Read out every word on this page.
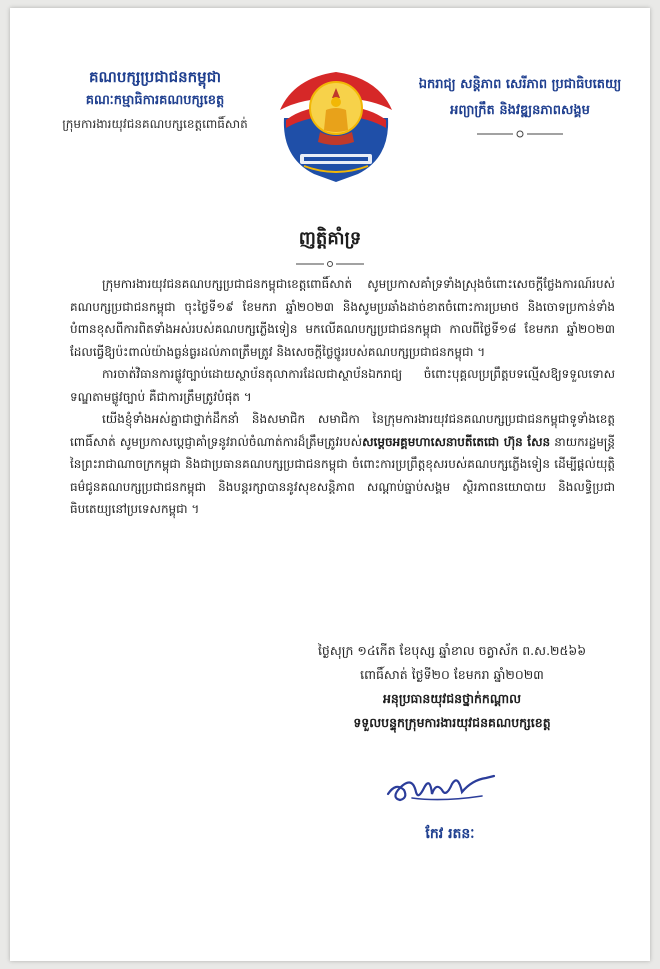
គណបក្សប្រជាជនកម្ពុជា
គណៈកម្មាធិការគណបក្សខេត្ត
ក្រុមការងារយុវជនគណបក្សខេត្តពោធិ៍សាត់
ឯករាជ្យ សន្តិភាព សេរីភាព ប្រជាធិបតេយ្យ
អព្យាក្រឹត និងវឌ្ឍនភាពសង្គម
ញត្តិគាំទ្រ

ក្រុមការងារយុវជនគណបក្សប្រជាជនកម្ពុជាខេត្តពោធិ៍សាត់ សូមប្រកាសគាំទ្រទាំងស្រុងចំពោះសេចក្តីថ្លែងការណ៍របស់គណបក្សប្រជាជនកម្ពុជា ចុះថ្ងៃទី១៩ ខែមករា ឆ្នាំ២០២៣ និងសូមប្រឆាំងដាច់ខាតចំពោះការប្រមាថ និងចោទប្រកាន់ទាំងបំពានខុសពីការពិតទាំងអស់របស់គណបក្សភ្លើងទៀន មកលើគណបក្សប្រជាជនកម្ពុជា កាលពីថ្ងៃទី១៨ ខែមករា ឆ្នាំ២០២៣ ដែលធ្វើឱ្យប៉ះពាល់យ៉ាងធ្ងន់ធ្ងរដល់ភាពត្រឹមត្រូវ និងសេចក្តីថ្លៃថ្នូររបស់គណបក្សប្រជាជនកម្ពុជា ។

ការចាត់វិធានការផ្លូវច្បាប់ដោយស្ថាប័នតុលាការដែលជាស្ថាប័នឯករាជ្យ ចំពោះបុគ្គលប្រព្រឹត្តបទល្មើសឱ្យទទួលទោសទណ្ឌតាមផ្លូវច្បាប់ គឺជាការត្រឹមត្រូវបំផុត ។

យើងខ្ញុំទាំងអស់គ្នាជាថ្នាក់ដឹកនាំ និងសមាជិក សមាជិកា នៃក្រុមការងារយុវជនគណបក្សប្រជាជនកម្ពុជាទូទាំងខេត្តពោធិ៍សាត់ សូមប្រកាសប្តេជ្ញាគាំទ្រនូវរាល់ចំណាត់ការដ៏ត្រឹមត្រូវរបស់សម្តេចអគ្គមហាសេនាបតីតេជោ ហ៊ុន សែន នាយករដ្ឋមន្ត្រីនៃព្រះរាជាណាចក្រកម្ពុជា និងជាប្រធានគណបក្សប្រជាជនកម្ពុជា ចំពោះការប្រព្រឹត្តខុសរបស់គណបក្សភ្លើងទៀន ដើម្បីផ្តល់យុត្តិធម៌ជូនគណបក្សប្រជាជនកម្ពុជា និងបន្តរក្សាបាននូវសុខសន្តិភាព សណ្តាប់ធ្នាប់សង្គម ស្ថិរភាពនយោបាយ និងលទ្ធិប្រជាធិបតេយ្យនៅប្រទេសកម្ពុជា ។

ថ្ងៃសុក្រ ១៤កើត ខែបុស្ស ឆ្នាំខាល ចត្វាស័ក ព.ស.២៥៦៦
ពោធិ៍សាត់ ថ្ងៃទី២០ ខែមករា ឆ្នាំ២០២៣
អនុប្រធានយុវជនថ្នាក់កណ្តាល
ទទួលបន្ទុកក្រុមការងារយុវជនគណបក្សខេត្ត
កែវ រតនៈ
